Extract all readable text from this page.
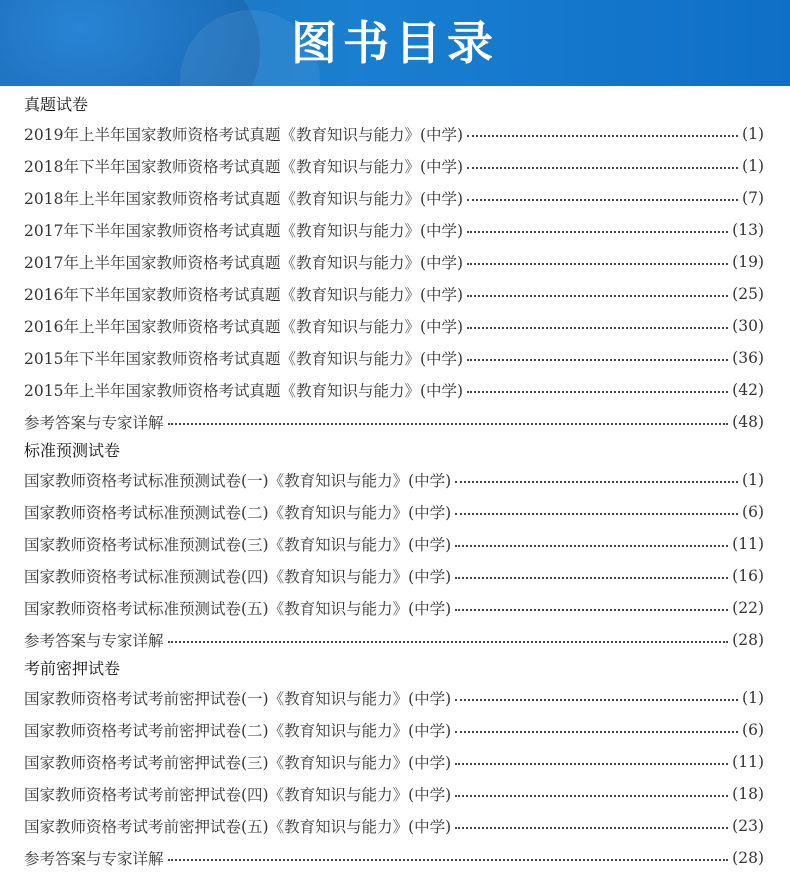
图书目录
真题试卷
2019年上半年国家教师资格考试真题《教育知识与能力》(中学)	(1)
2018年下半年国家教师资格考试真题《教育知识与能力》(中学)	(1)
2018年上半年国家教师资格考试真题《教育知识与能力》(中学)	(7)
2017年下半年国家教师资格考试真题《教育知识与能力》(中学)	(13)
2017年上半年国家教师资格考试真题《教育知识与能力》(中学)	(19)
2016年下半年国家教师资格考试真题《教育知识与能力》(中学)	(25)
2016年上半年国家教师资格考试真题《教育知识与能力》(中学)	(30)
2015年下半年国家教师资格考试真题《教育知识与能力》(中学)	(36)
2015年上半年国家教师资格考试真题《教育知识与能力》(中学)	(42)
参考答案与专家详解	(48)
标准预测试卷
国家教师资格考试标准预测试卷(一)《教育知识与能力》(中学)	(1)
国家教师资格考试标准预测试卷(二)《教育知识与能力》(中学)	(6)
国家教师资格考试标准预测试卷(三)《教育知识与能力》(中学)	(11)
国家教师资格考试标准预测试卷(四)《教育知识与能力》(中学)	(16)
国家教师资格考试标准预测试卷(五)《教育知识与能力》(中学)	(22)
参考答案与专家详解	(28)
考前密押试卷
国家教师资格考试考前密押试卷(一)《教育知识与能力》(中学)	(1)
国家教师资格考试考前密押试卷(二)《教育知识与能力》(中学)	(6)
国家教师资格考试考前密押试卷(三)《教育知识与能力》(中学)	(11)
国家教师资格考试考前密押试卷(四)《教育知识与能力》(中学)	(18)
国家教师资格考试考前密押试卷(五)《教育知识与能力》(中学)	(23)
参考答案与专家详解	(28)
